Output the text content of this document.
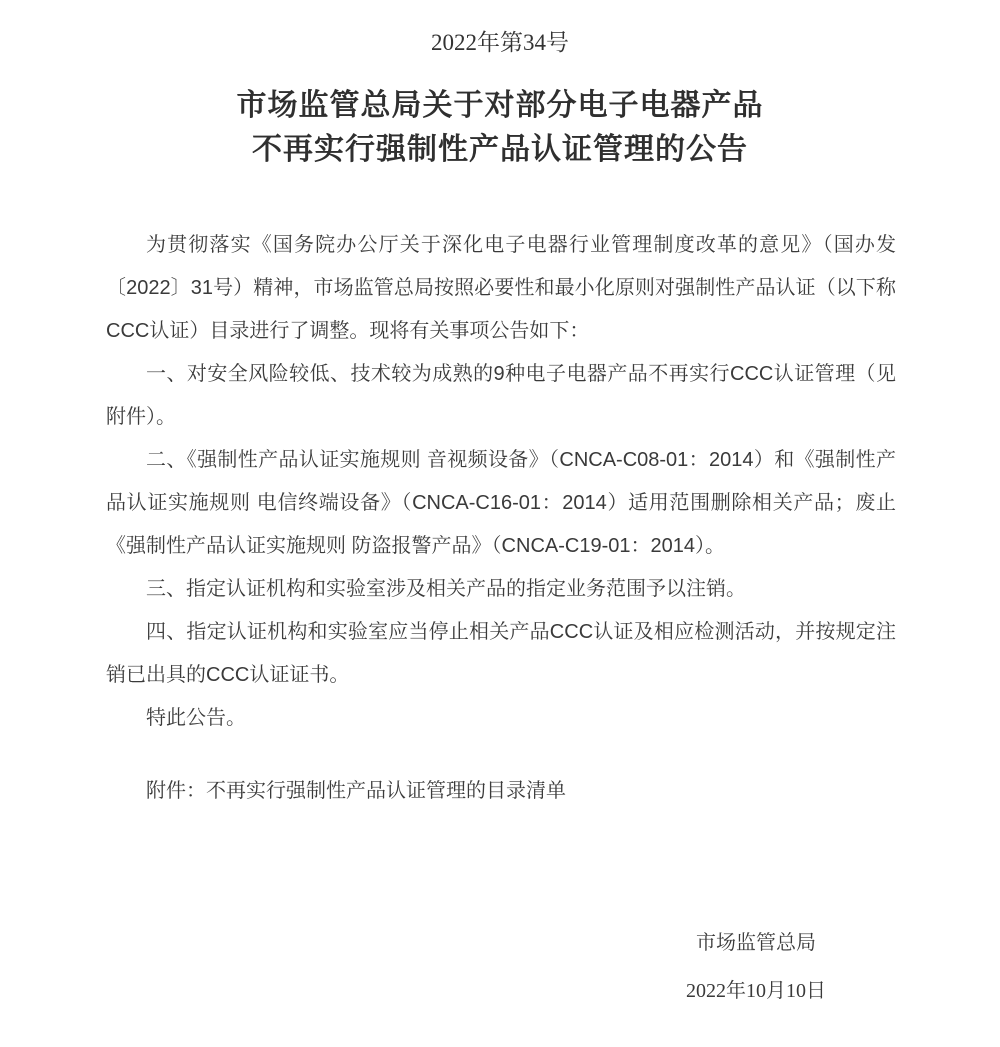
2022年第34号
市场监管总局关于对部分电子电器产品
不再实行强制性产品认证管理的公告

为贯彻落实《国务院办公厅关于深化电子电器行业管理制度改革的意见》（国办发〔2022〕31号）精神，市场监管总局按照必要性和最小化原则对强制性产品认证（以下称CCC认证）目录进行了调整。现将有关事项公告如下：

一、对安全风险较低、技术较为成熟的9种电子电器产品不再实行CCC认证管理（见附件）。

二、《强制性产品认证实施规则 音视频设备》（CNCA-C08-01：2014）和《强制性产品认证实施规则 电信终端设备》（CNCA-C16-01：2014）适用范围删除相关产品；废止《强制性产品认证实施规则 防盗报警产品》（CNCA-C19-01：2014）。

三、指定认证机构和实验室涉及相关产品的指定业务范围予以注销。

四、指定认证机构和实验室应当停止相关产品CCC认证及相应检测活动，并按规定注销已出具的CCC认证证书。

特此公告。

附件：不再实行强制性产品认证管理的目录清单

市场监管总局
2022年10月10日
